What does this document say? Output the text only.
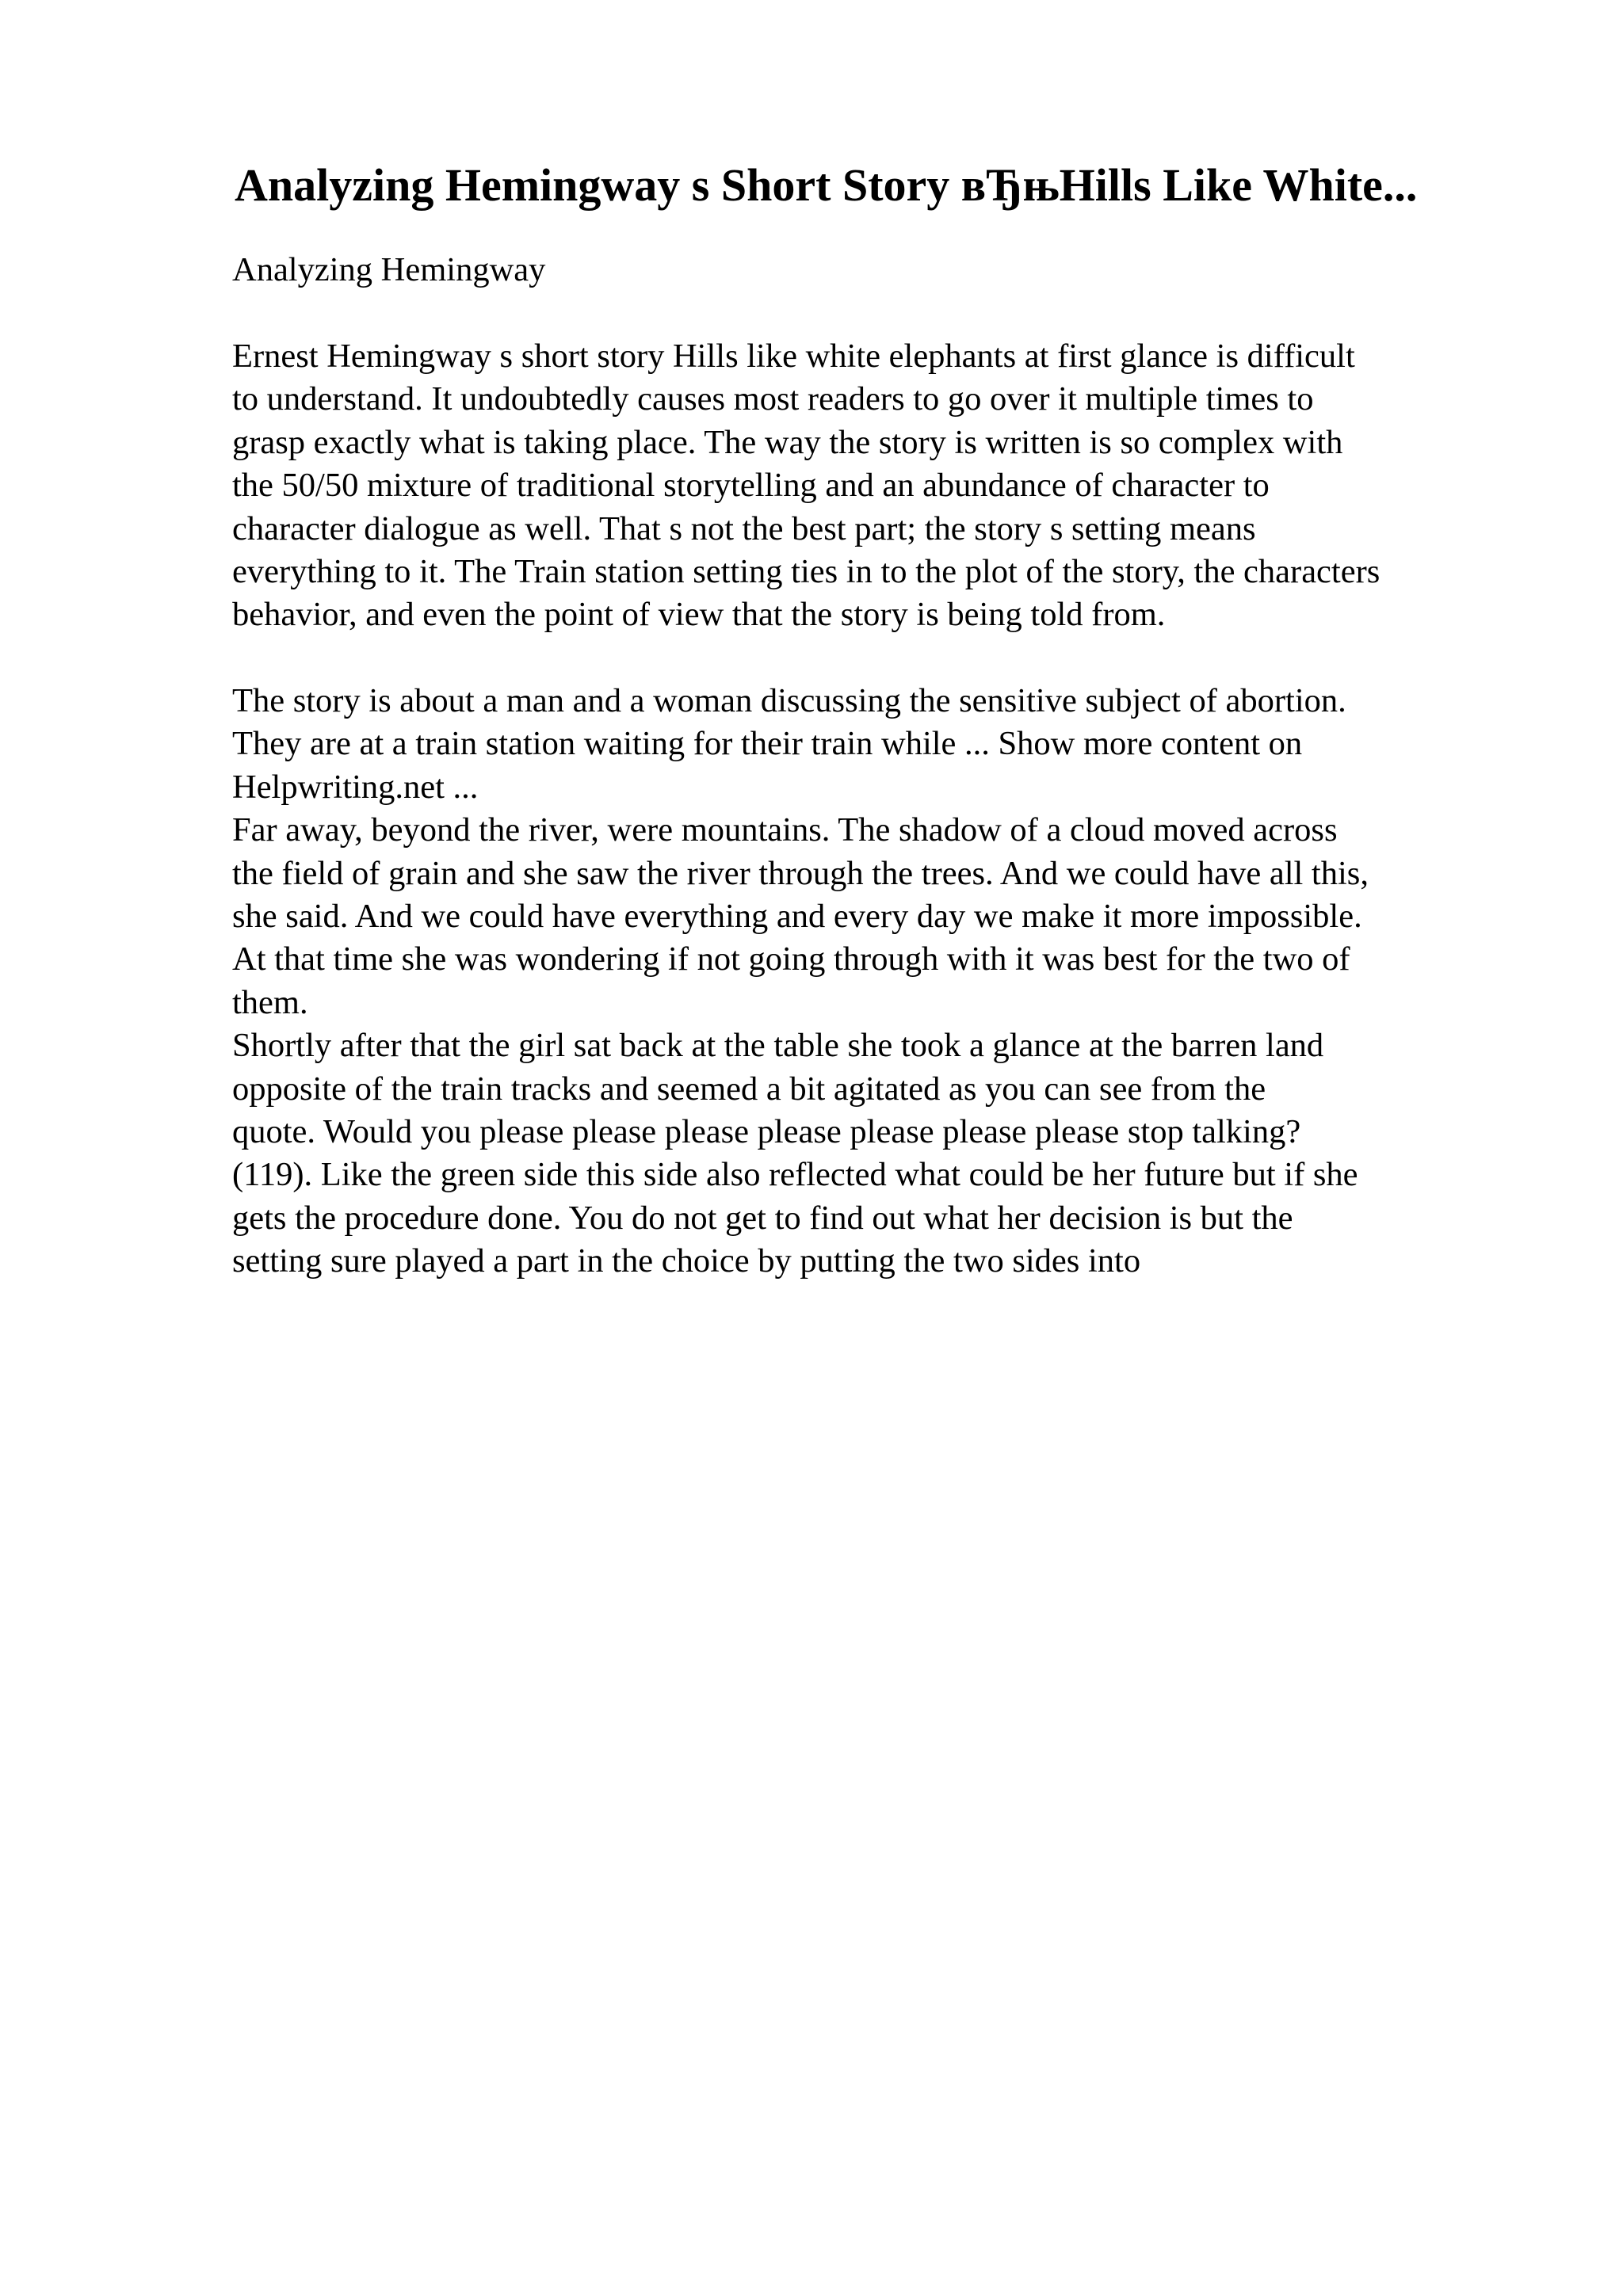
Analyzing Hemingway s Short Story вЂњHills Like White...

Analyzing Hemingway

Ernest Hemingway s short story Hills like white elephants at first glance is difficult
to understand. It undoubtedly causes most readers to go over it multiple times to
grasp exactly what is taking place. The way the story is written is so complex with
the 50/50 mixture of traditional storytelling and an abundance of character to
character dialogue as well. That s not the best part; the story s setting means
everything to it. The Train station setting ties in to the plot of the story, the characters
behavior, and even the point of view that the story is being told from.
The story is about a man and a woman discussing the sensitive subject of abortion.
They are at a train station waiting for their train while ... Show more content on
Helpwriting.net ...
Far away, beyond the river, were mountains. The shadow of a cloud moved across
the field of grain and she saw the river through the trees. And we could have all this,
she said. And we could have everything and every day we make it more impossible.
At that time she was wondering if not going through with it was best for the two of
them.
Shortly after that the girl sat back at the table she took a glance at the barren land
opposite of the train tracks and seemed a bit agitated as you can see from the
quote. Would you please please please please please please please stop talking?
(119). Like the green side this side also reflected what could be her future but if she
gets the procedure done. You do not get to find out what her decision is but the
setting sure played a part in the choice by putting the two sides into
